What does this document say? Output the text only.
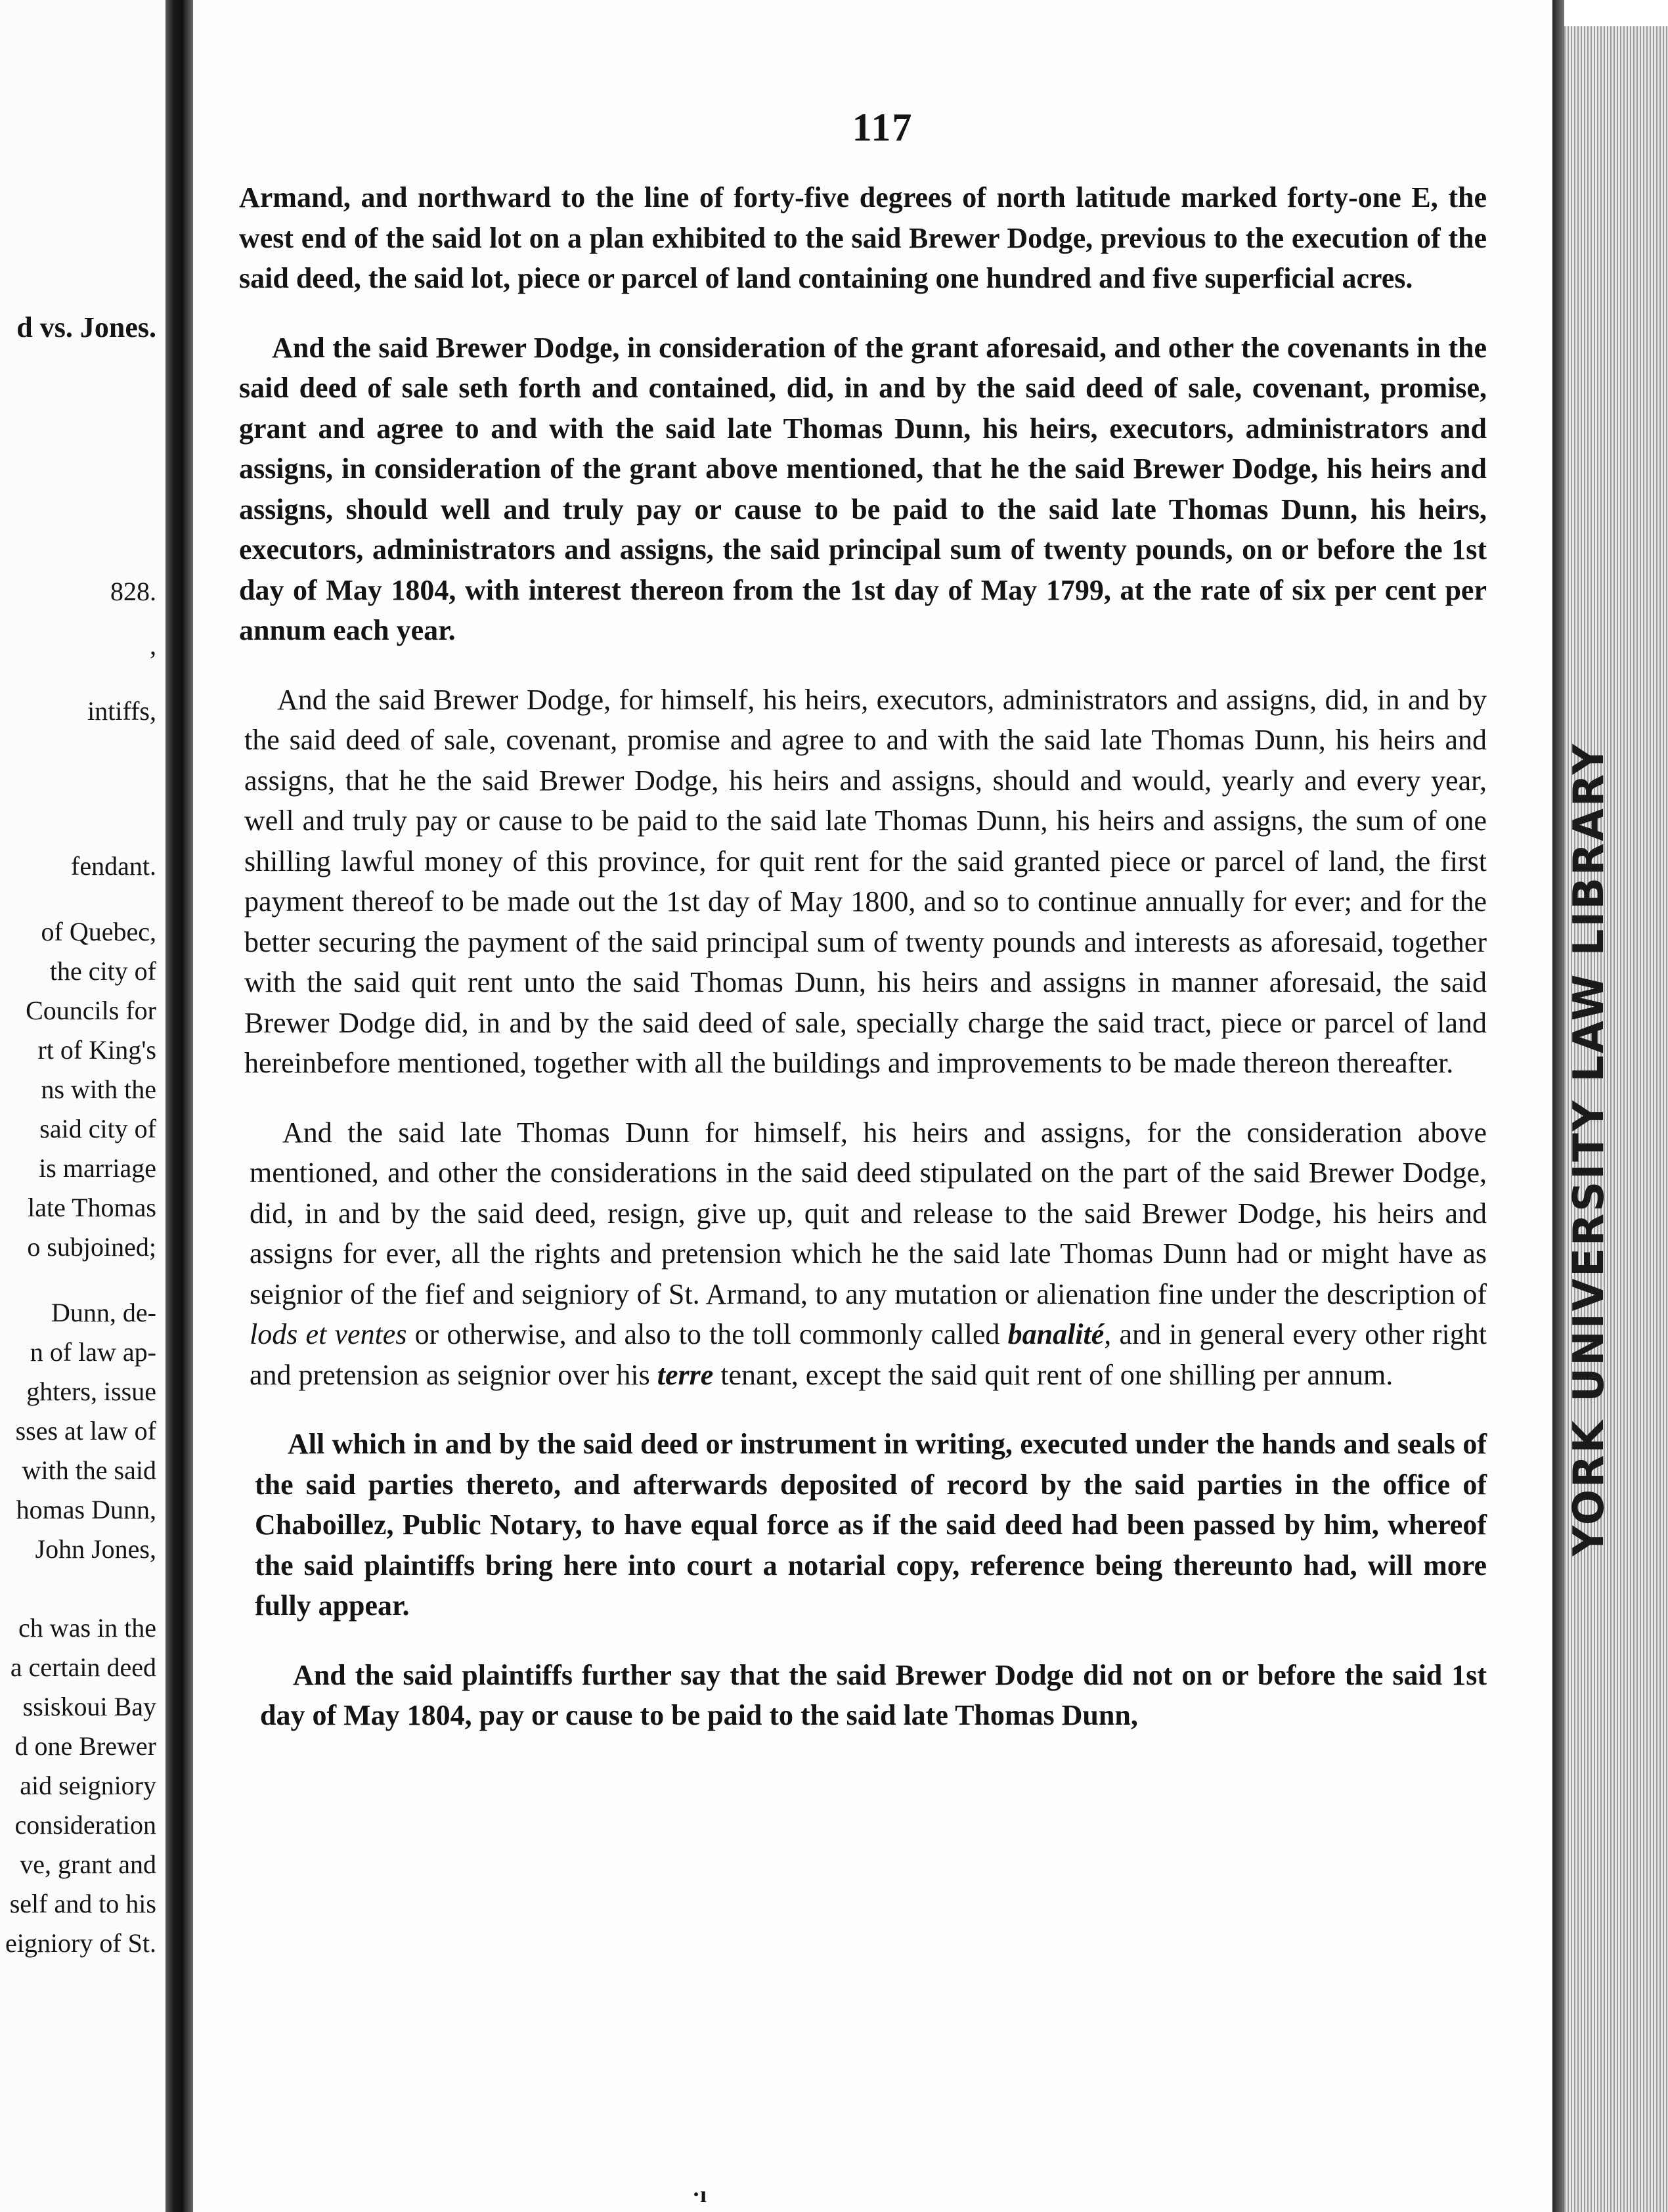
d vs. Jones.
828.
,
intiffs,
fendant.
of Quebec,
the city of
Councils for
rt of King's
ns with the
said city of
is marriage
late Thomas
o subjoined;
Dunn, de-
n of law ap-
ghters, issue
sses at law of
with the said
homas Dunn,
John Jones,
ch was in the
a certain deed
ssiskoui Bay
d one Brewer
aid seigniory
consideration
ve, grant and
self and to his
eigniory of St.
117

Armand, and northward to the line of forty-five degrees of north latitude marked forty-one E, the west end of the said lot on a plan exhibited to the said Brewer Dodge, previous to the execution of the said deed, the said lot, piece or parcel of land containing one hundred and five superficial acres.

And the said Brewer Dodge, in consideration of the grant aforesaid, and other the covenants in the said deed of sale seth forth and contained, did, in and by the said deed of sale, covenant, promise, grant and agree to and with the said late Thomas Dunn, his heirs, executors, administrators and assigns, in consideration of the grant above mentioned, that he the said Brewer Dodge, his heirs and assigns, should well and truly pay or cause to be paid to the said late Thomas Dunn, his heirs, executors, administrators and assigns, the said principal sum of twenty pounds, on or before the 1st day of May 1804, with interest thereon from the 1st day of May 1799, at the rate of six per cent per annum each year.

And the said Brewer Dodge, for himself, his heirs, executors, administrators and assigns, did, in and by the said deed of sale, covenant, promise and agree to and with the said late Thomas Dunn, his heirs and assigns, that he the said Brewer Dodge, his heirs and assigns, should and would, yearly and every year, well and truly pay or cause to be paid to the said late Thomas Dunn, his heirs and assigns, the sum of one shilling lawful money of this province, for quit rent for the said granted piece or parcel of land, the first payment thereof to be made out the 1st day of May 1800, and so to continue annually for ever; and for the better securing the payment of the said principal sum of twenty pounds and interests as aforesaid, together with the said quit rent unto the said Thomas Dunn, his heirs and assigns in manner aforesaid, the said Brewer Dodge did, in and by the said deed of sale, specially charge the said tract, piece or parcel of land hereinbefore mentioned, together with all the buildings and improvements to be made thereon thereafter.

And the said late Thomas Dunn for himself, his heirs and assigns, for the consideration above mentioned, and other the considerations in the said deed stipulated on the part of the said Brewer Dodge, did, in and by the said deed, resign, give up, quit and release to the said Brewer Dodge, his heirs and assigns for ever, all the rights and pretension which he the said late Thomas Dunn had or might have as seignior of the fief and seigniory of St. Armand, to any mutation or alienation fine under the description of lods et ventes or otherwise, and also to the toll commonly called banalité, and in general every other right and pretension as seignior over his terre tenant, except the said quit rent of one shilling per annum.

All which in and by the said deed or instrument in writing, executed under the hands and seals of the said parties thereto, and afterwards deposited of record by the said parties in the office of Chaboillez, Public Notary, to have equal force as if the said deed had been passed by him, whereof the said plaintiffs bring here into court a notarial copy, reference being thereunto had, will more fully appear.

And the said plaintiffs further say that the said Brewer Dodge did not on or before the said 1st day of May 1804, pay or cause to be paid to the said late Thomas Dunn,

·ı
YORK UNIVERSITY LAW LIBRARY
